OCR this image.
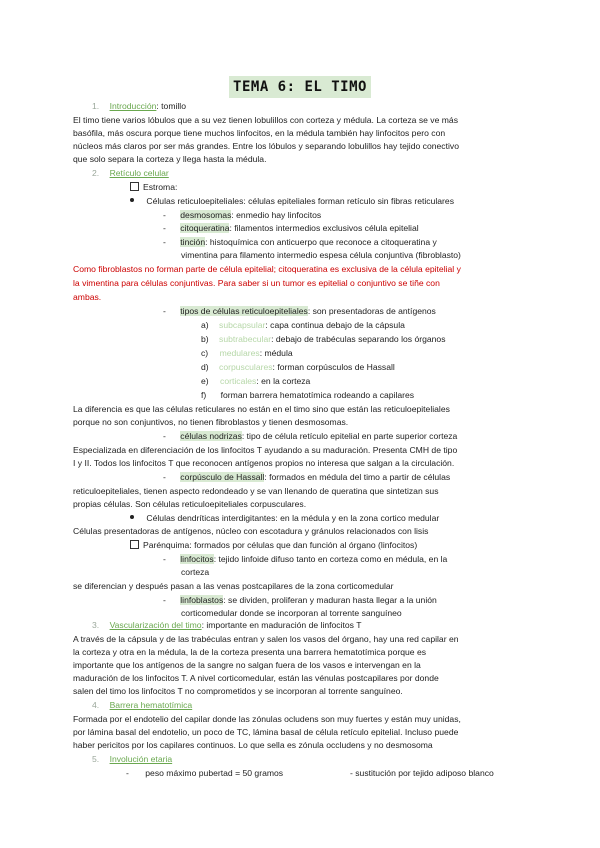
TEMA 6: EL TIMO
1. Introducción: tomillo
El timo tiene varios lóbulos que a su vez tienen lobulillos con corteza y médula. La corteza se ve más
basófila, más oscura porque tiene muchos linfocitos, en la médula también hay linfocitos pero con
núcleos más claros por ser más grandes. Entre los lóbulos y separando lobulillos hay tejido conectivo
que solo separa la corteza y llega hasta la médula.
2. Retículo celular
Estroma:
Células reticuloepiteliales: células epiteliales forman retículo sin fibras reticulares
- desmosomas: enmedio hay linfocitos
- citoqueratina: filamentos intermedios exclusivos célula epitelial
- tinción: histoquímica con anticuerpo que reconoce a citoqueratina y
vimentina para filamento intermedio espesa célula conjuntiva (fibroblasto)
Como fibroblastos no forman parte de célula epitelial; citoqueratina es exclusiva de la célula epitelial y
la vimentina para células conjuntivas. Para saber si un tumor es epitelial o conjuntivo se tiñe con
ambas.
- tipos de células reticuloepiteliales: son presentadoras de antígenos
a) subcapsular: capa continua debajo de la cápsula
b) subtrabecular: debajo de trabéculas separando los órganos
c) medulares: médula
d) corpusculares: forman corpúsculos de Hassall
e) corticales: en la corteza
f) forman barrera hematotímica rodeando a capilares
La diferencia es que las células reticulares no están en el timo sino que están las reticuloepiteliales
porque no son conjuntivos, no tienen fibroblastos y tienen desmosomas.
- células nodrizas: tipo de célula retículo epitelial en parte superior corteza
Especializada en diferenciación de los linfocitos T ayudando a su maduración. Presenta CMH de tipo
I y II. Todos los linfocitos T que reconocen antígenos propios no interesa que salgan a la circulación.
- corpúsculo de Hassall: formados en médula del timo a partir de células
reticuloepiteliales, tienen aspecto redondeado y se van llenando de queratina que sintetizan sus
propias células. Son células reticuloepiteliales corpusculares.
Células dendríticas interdigitantes: en la médula y en la zona cortico medular
Células presentadoras de antígenos, núcleo con escotadura y gránulos relacionados con lisis
Parénquima: formados por células que dan función al órgano (linfocitos)
- linfocitos: tejido linfoide difuso tanto en corteza como en médula, en la
corteza
se diferencian y después pasan a las venas postcapilares de la zona corticomedular
- linfoblastos: se dividen, proliferan y maduran hasta llegar a la unión
corticomedular donde se incorporan al torrente sanguíneo
3. Vascularización del timo: importante en maduración de linfocitos T
A través de la cápsula y de las trabéculas entran y salen los vasos del órgano, hay una red capilar en
la corteza y otra en la médula, la de la corteza presenta una barrera hematotímica porque es
importante que los antígenos de la sangre no salgan fuera de los vasos e intervengan en la
maduración de los linfocitos T. A nivel corticomedular, están las vénulas postcapilares por donde
salen del timo los linfocitos T no comprometidos y se incorporan al torrente sanguíneo.
4. Barrera hematotímica
Formada por el endotelio del capilar donde las zónulas ocludens son muy fuertes y están muy unidas,
por lámina basal del endotelio, un poco de TC, lámina basal de célula retículo epitelial. Incluso puede
haber pericitos por los capilares continuos. Lo que sella es zónula occludens y no desmosoma
5. Involución etaria
- peso máximo pubertad = 50 gramos	- sustitución por tejido adiposo blanco
